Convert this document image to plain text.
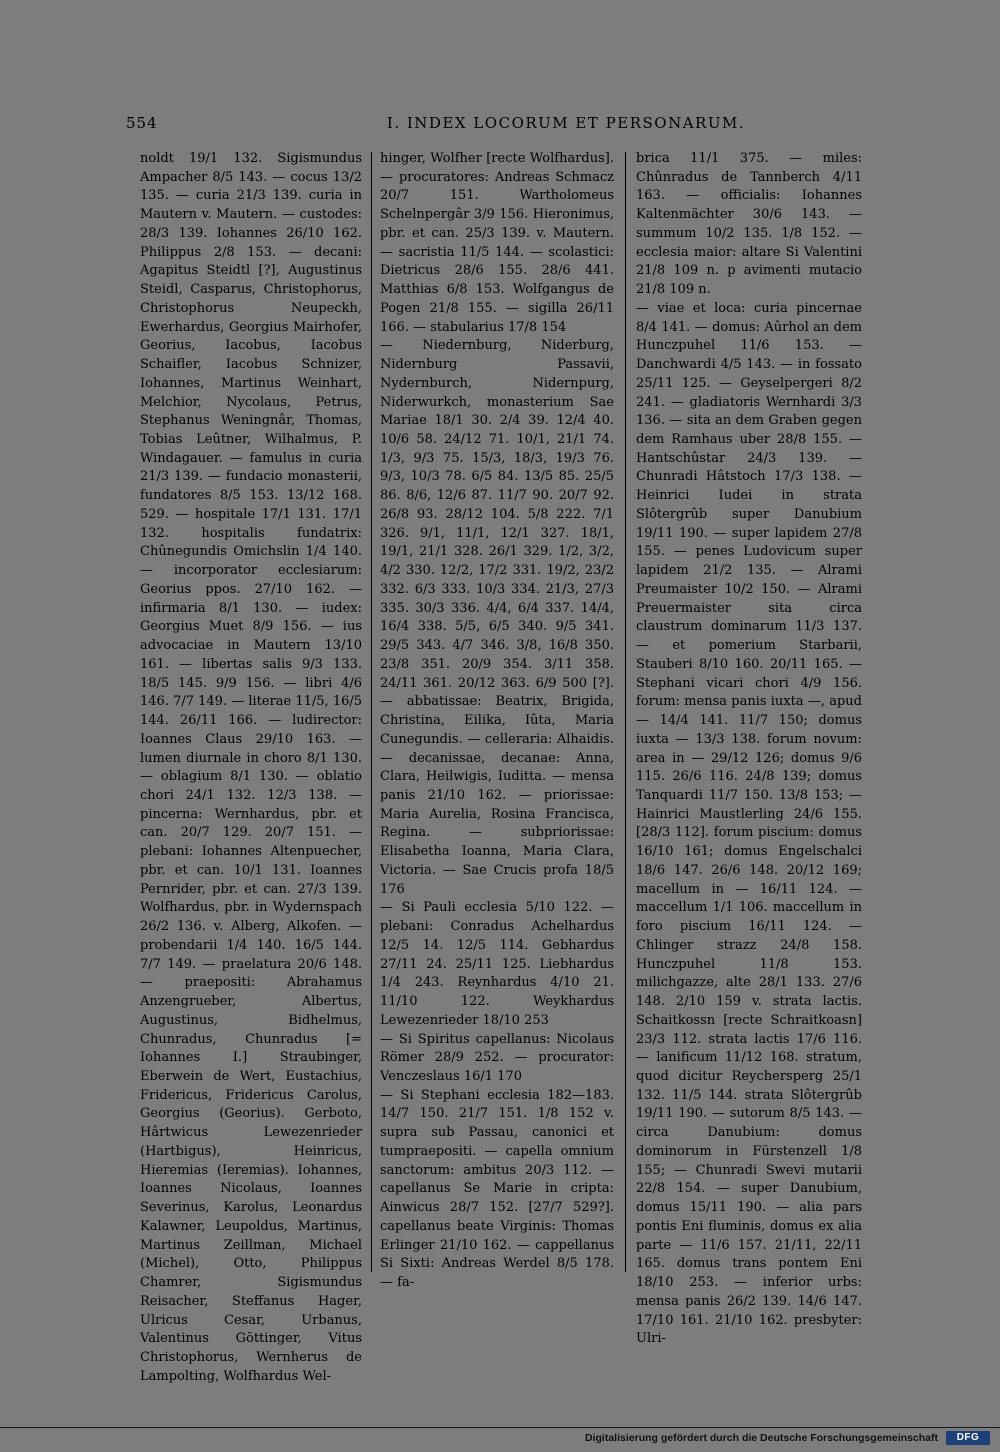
554	I. INDEX LOCORUM ET PERSONARUM.

noldt 19/1 132. Sigismundus Ampacher 8/5 143. — cocus 13/2 135. — curia 21/3 139. curia in Mautern v. Mautern. — custodes: 28/3 139. Iohannes 26/10 162. Philippus 2/8 153. — decani: Agapitus Steidtl [?], Augustinus Steidl, Casparus, Christophorus, Christophorus Neupeckh, Ewerhardus, Georgius Mairhofer, Georius, Iacobus, Iacobus Schaifler, Iacobus Schnizer, Iohannes, Martinus Weinhart, Melchior, Nycolaus, Petrus, Stephanus Weningnâr, Thomas, Tobias Leûtner, Wilhalmus, P. Windagauer. — famulus in curia 21/3 139. — fundacio monasterii, fundatores 8/5 153. 13/12 168. 529. — hospitale 17/1 131. 17/1 132. hospitalis fundatrix: Chûnegundis Omichslin 1/4 140. — incorporator ecclesiarum: Georius ppos. 27/10 162. — infirmaria 8/1 130. — iudex: Georgius Muet 8/9 156. — ius advocaciae in Mautern 13/10 161. — libertas salis 9/3 133. 18/5 145. 9/9 156. — libri 4/6 146. 7/7 149. — literae 11/5, 16/5 144. 26/11 166. — ludirector: Ioannes Claus 29/10 163. — lumen diurnale in choro 8/1 130. — oblagium 8/1 130. — oblatio chori 24/1 132. 12/3 138. — pincerna: Wernhardus, pbr. et can. 20/7 129. 20/7 151. — plebani: Iohannes Altenpuecher, pbr. et can. 10/1 131. Ioannes Pernrider, pbr. et can. 27/3 139. Wolfhardus, pbr. in Wydernspach 26/2 136. v. Alberg, Alkofen. — probendarii 1/4 140. 16/5 144. 7/7 149. — praelatura 20/6 148. — praepositi: Abrahamus Anzengrueber, Albertus, Augustinus, Bidhelmus, Chunradus, Chunradus [= Iohannes I.] Straubinger, Eberwein de Wert, Eustachius, Fridericus, Fridericus Carolus, Georgius (Georius). Gerboto, Hârtwicus Lewezenrieder (Hartbigus), Heinricus, Hieremias (Ieremias). Iohannes, Ioannes Nicolaus, Ioannes Severinus, Karolus, Leonardus Kalawner, Leupoldus, Martinus, Martinus Zeillman, Michael (Michel), Otto, Philippus Chamrer, Sigismundus Reisacher, Steffanus Hager, Ulricus Cesar, Urbanus, Valentinus Göttinger, Vitus Christophorus, Wernherus de Lampolting, Wolfhardus Wel-

hinger, Wolfher [recte Wolfhardus]. — procuratores: Andreas Schmacz 20/7 151. Wartholomeus Schelnpergâr 3/9 156. Hieronimus, pbr. et can. 25/3 139. v. Mautern. — sacristia 11/5 144. — scolastici: Dietricus 28/6 155. 28/6 441. Matthias 6/8 153. Wolfgangus de Pogen 21/8 155. — sigilla 26/11 166. — stabularius 17/8 154

— Niedernburg, Niderburg, Nidernburg Passavii, Nydernburch, Nidernpurg, Niderwurkch, monasterium Sae Mariae 18/1 30. 2/4 39. 12/4 40. 10/6 58. 24/12 71. 10/1, 21/1 74. 1/3, 9/3 75. 15/3, 18/3, 19/3 76. 9/3, 10/3 78. 6/5 84. 13/5 85. 25/5 86. 8/6, 12/6 87. 11/7 90. 20/7 92. 26/8 93. 28/12 104. 5/8 222. 7/1 326. 9/1, 11/1, 12/1 327. 18/1, 19/1, 21/1 328. 26/1 329. 1/2, 3/2, 4/2 330. 12/2, 17/2 331. 19/2, 23/2 332. 6/3 333. 10/3 334. 21/3, 27/3 335. 30/3 336. 4/4, 6/4 337. 14/4, 16/4 338. 5/5, 6/5 340. 9/5 341. 29/5 343. 4/7 346. 3/8, 16/8 350. 23/8 351. 20/9 354. 3/11 358. 24/11 361. 20/12 363. 6/9 500 [?]. — abbatissae: Beatrix, Brigida, Christina, Eilika, Iûta, Maria Cunegundis. — celleraria: Alhaidis. — decanissae, decanae: Anna, Clara, Heilwigis, Iuditta. — mensa panis 21/10 162. — priorissae: Maria Aurelia, Rosina Francisca, Regina. — subpriorissae: Elisabetha Ioanna, Maria Clara, Victoria. — Sae Crucis profa 18/5 176

— Si Pauli ecclesia 5/10 122. — plebani: Conradus Achelhardus 12/5 14. 12/5 114. Gebhardus 27/11 24. 25/11 125. Liebhardus 1/4 243. Reynhardus 4/10 21. 11/10 122. Weykhardus Lewezenrieder 18/10 253

— Si Spiritus capellanus: Nicolaus Römer 28/9 252. — procurator: Venczeslaus 16/1 170

— Si Stephani ecclesia 182—183. 14/7 150. 21/7 151. 1/8 152 v. supra sub Passau, canonici et tumpraepositi. — capella omnium sanctorum: ambitus 20/3 112. — capellanus Se Marie in cripta: Ainwicus 28/7 152. [27/7 529?]. capellanus beate Virginis: Thomas Erlinger 21/10 162. — cappellanus Si Sixti: Andreas Werdel 8/5 178. — fa-

brica 11/1 375. — miles: Chûnradus de Tannberch 4/11 163. — officialis: Iohannes Kaltenmächter 30/6 143. — summum 10/2 135. 1/8 152. — ecclesia maior: altare Si Valentini 21/8 109 n. p avimenti mutacio 21/8 109 n.

— viae et loca: curia pincernae 8/4 141. — domus: Aûrhol an dem Hunczpuhel 11/6 153. — Danchwardi 4/5 143. — in fossato 25/11 125. — Geyselpergeri 8/2 241. — gladiatoris Wernhardi 3/3 136. — sita an dem Graben gegen dem Ramhaus uber 28/8 155. — Hantschûstar 24/3 139. — Chunradi Hâtstoch 17/3 138. — Heinrici Iudei in strata Slôtergrûb super Danubium 19/11 190. — super lapidem 27/8 155. — penes Ludovicum super lapidem 21/2 135. — Alrami Preumaister 10/2 150. — Alrami Preuermaister sita circa claustrum dominarum 11/3 137. — et pomerium Starbarii, Stauberi 8/10 160. 20/11 165. — Stephani vicari chori 4/9 156. forum: mensa panis iuxta —, apud — 14/4 141. 11/7 150; domus iuxta — 13/3 138. forum novum: area in — 29/12 126; domus 9/6 115. 26/6 116. 24/8 139; domus Tanquardi 11/7 150. 13/8 153; — Hainrici Maustlerling 24/6 155. [28/3 112]. forum piscium: domus 16/10 161; domus Engelschalci 18/6 147. 26/6 148. 20/12 169; macellum in — 16/11 124. — maccellum 1/1 106. maccellum in foro piscium 16/11 124. — Chlinger strazz 24/8 158. Hunczpuhel 11/8 153. milichgazze, alte 28/1 133. 27/6 148. 2/10 159 v. strata lactis. Schaitkossn [recte Schraitkoasn] 23/3 112. strata lactis 17/6 116. — lanificum 11/12 168. stratum, quod dicitur Reychersperg 25/1 132. 11/5 144. strata Slôtergrûb 19/11 190. — sutorum 8/5 143. — circa Danubium: domus dominorum in Fürstenzell 1/8 155; — Chunradi Swevi mutarii 22/8 154. — super Danubium, domus 15/11 190. — alia pars pontis Eni fluminis, domus ex alia parte — 11/6 157. 21/11, 22/11 165. domus trans pontem Eni 18/10 253. — inferior urbs: mensa panis 26/2 139. 14/6 147. 17/10 161. 21/10 162. presbyter: Ulri-

Digitalisierung gefördert durch die Deutsche Forschungsgemeinschaft	DFG
